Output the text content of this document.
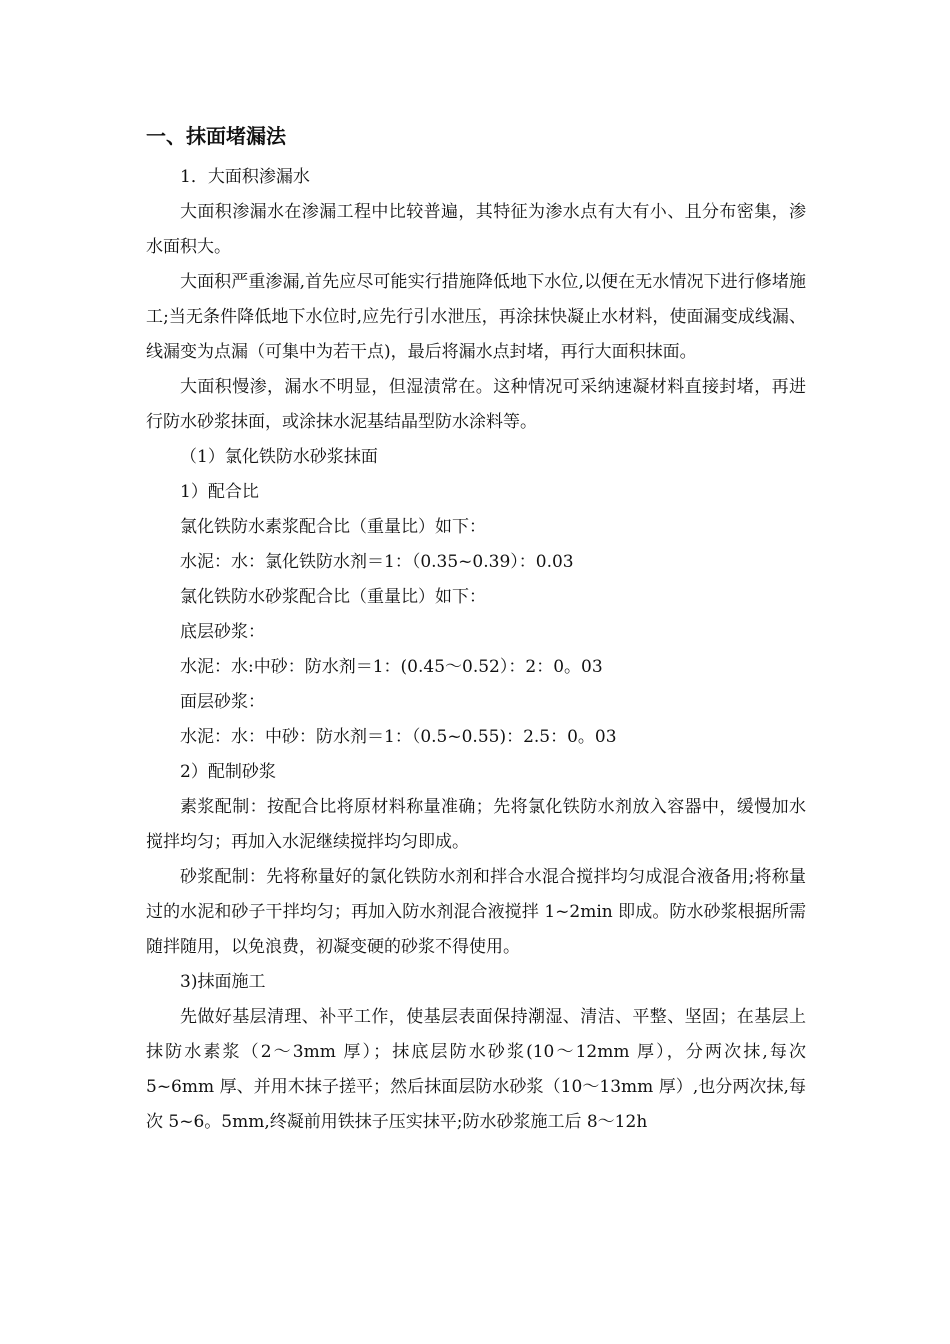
一、抹面堵漏法
1．大面积渗漏水
大面积渗漏水在渗漏工程中比较普遍，其特征为渗水点有大有小、且分布密集，渗水面积大。
大面积严重渗漏,首先应尽可能实行措施降低地下水位,以便在无水情况下进行修堵施工;当无条件降低地下水位时,应先行引水泄压，再涂抹快凝止水材料，使面漏变成线漏、线漏变为点漏（可集中为若干点)，最后将漏水点封堵，再行大面积抹面。
大面积慢渗，漏水不明显，但湿渍常在。这种情况可采纳速凝材料直接封堵，再进行防水砂浆抹面，或涂抹水泥基结晶型防水涂料等。
（1）氯化铁防水砂浆抹面
1）配合比
氯化铁防水素浆配合比（重量比）如下：
水泥：水：氯化铁防水剂＝1：（0.35~0.39）：0.03
氯化铁防水砂浆配合比（重量比）如下：
底层砂浆：
水泥：水:中砂：防水剂＝1：(0.45～0.52）：2：0。03
面层砂浆：
水泥：水：中砂：防水剂＝1：（0.5~0.55)：2.5：0。03
2）配制砂浆
素浆配制：按配合比将原材料称量准确；先将氯化铁防水剂放入容器中，缓慢加水搅拌均匀；再加入水泥继续搅拌均匀即成。
砂浆配制：先将称量好的氯化铁防水剂和拌合水混合搅拌均匀成混合液备用;将称量过的水泥和砂子干拌均匀；再加入防水剂混合液搅拌 1~2min 即成。防水砂浆根据所需随拌随用，以免浪费，初凝变硬的砂浆不得使用。
3)抹面施工
先做好基层清理、补平工作，使基层表面保持潮湿、清洁、平整、坚固；在基层上抹防水素浆（2～3mm 厚）；抹底层防水砂浆(10～12mm 厚），分两次抹,每次 5~6mm 厚、并用木抹子搓平；然后抹面层防水砂浆（10～13mm 厚）,也分两次抹,每次 5~6。5mm,终凝前用铁抹子压实抹平;防水砂浆施工后 8～12h
